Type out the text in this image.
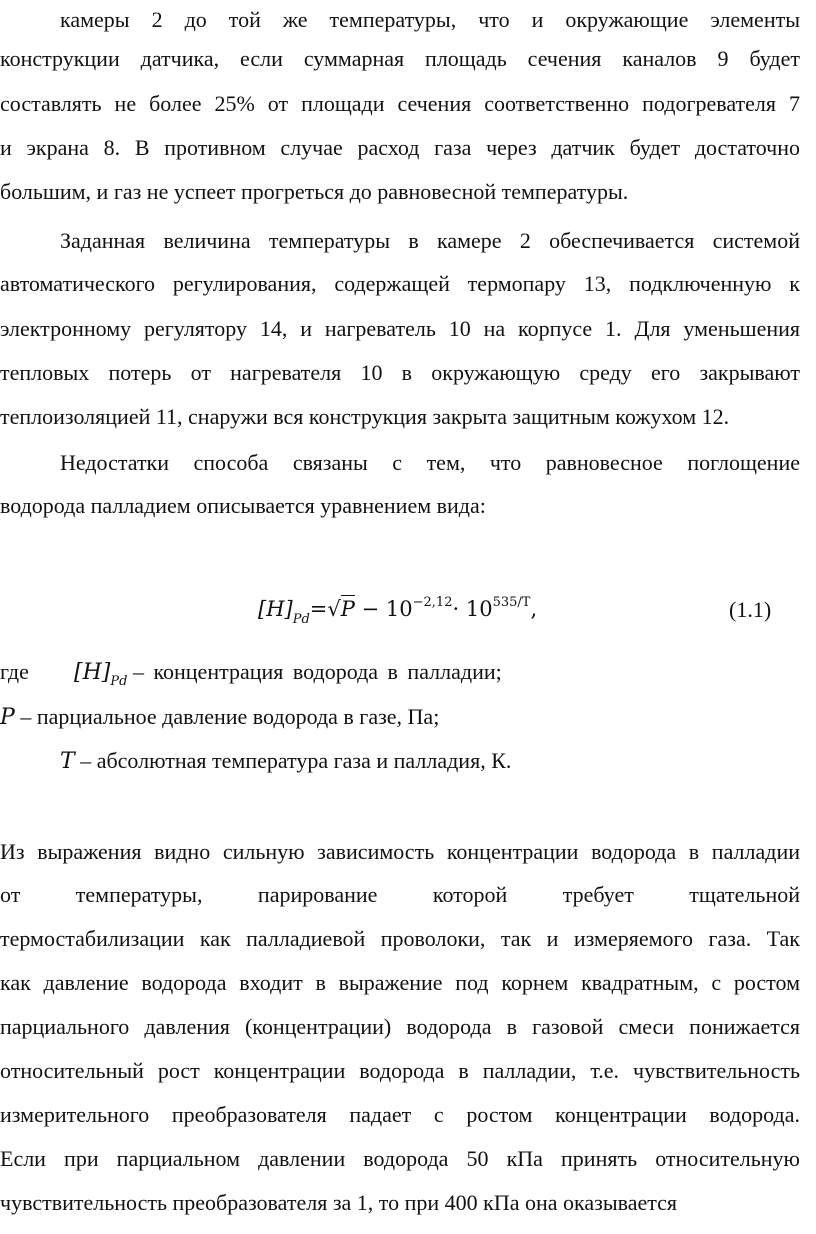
камеры 2 до той же температуры, что и окружающие элементы
конструкции датчика, если суммарная площадь сечения каналов 9 будет
составлять не более 25% от площади сечения соответственно подогревателя 7
и экрана 8. В противном случае расход газа через датчик будет достаточно
большим, и газ не успеет прогреться до равновесной температуры.
Заданная величина температуры в камере 2 обеспечивается системой
автоматического регулирования, содержащей термопару 13, подключенную к
электронному регулятору 14, и нагреватель 10 на корпусе 1. Для уменьшения
тепловых потерь от нагревателя 10 в окружающую среду его закрывают
теплоизоляцией 11, снаружи вся конструкция закрыта защитным кожухом 12.
Недостатки способа связаны с тем, что равновесное поглощение
водорода палладием описывается уравнением вида:
$[H]_{Pd}=√P - 10^{-2,12}\cdot 10^{535/T}$,	(1.1)
где	$[H]_{Pd}$ – концентрация водорода в палладии;
P – парциальное давление водорода в газе, Па;
T – абсолютная температура газа и палладия, К.
Из выражения видно сильную зависимость концентрации водорода в палладии
от температуры, парирование которой требует тщательной
термостабилизации как палладиевой проволоки, так и измеряемого газа. Так
как давление водорода входит в выражение под корнем квадратным, с ростом
парциального давления (концентрации) водорода в газовой смеси понижается
относительный рост концентрации водорода в палладии, т.е. чувствительность
измерительного преобразователя падает с ростом концентрации водорода.
Если при парциальном давлении водорода 50 кПа принять относительную
чувствительность преобразователя за 1, то при 400 кПа она оказывается
